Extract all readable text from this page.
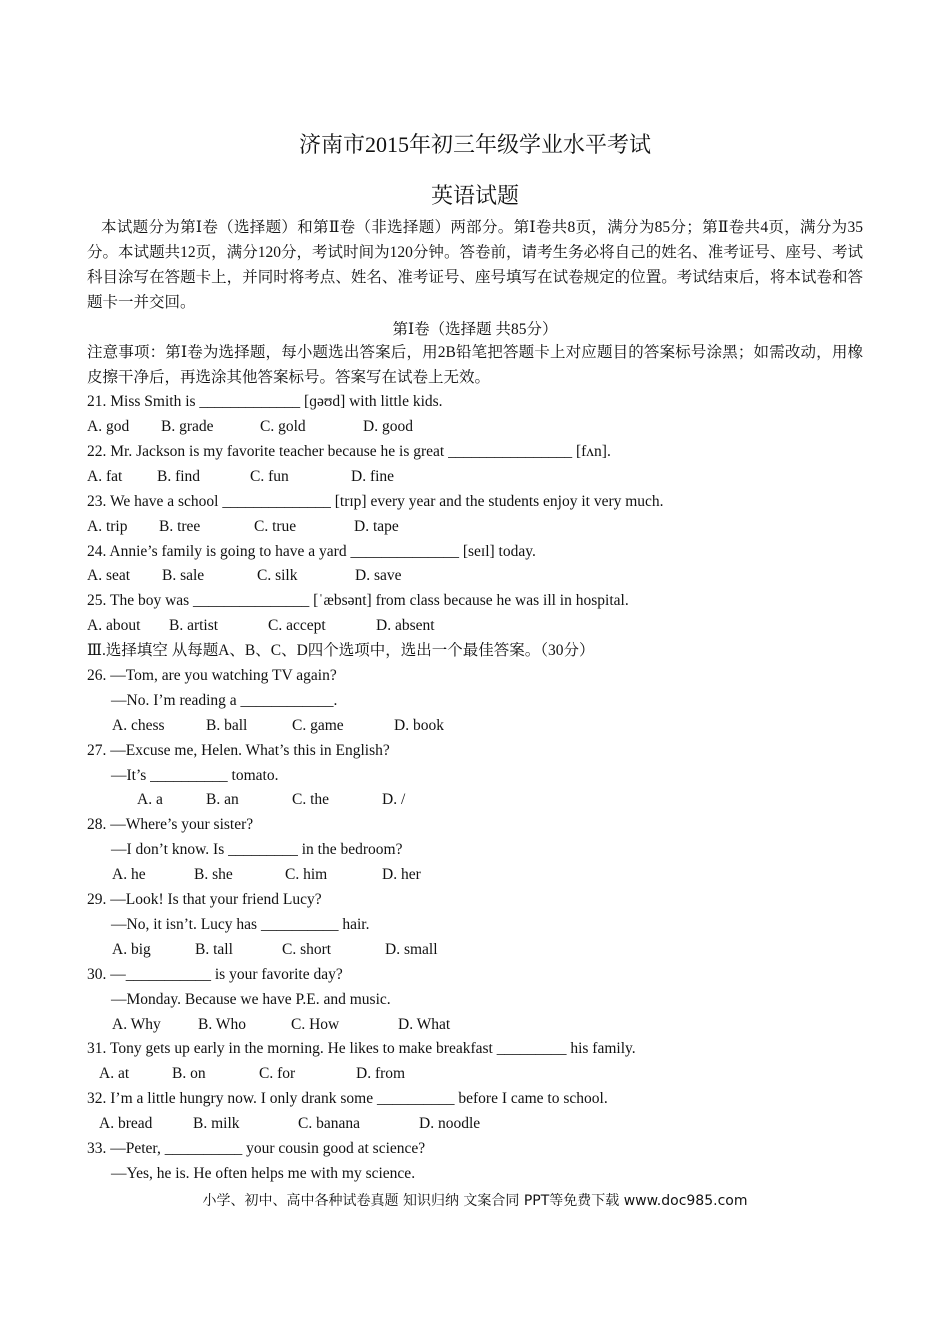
济南市2015年初三年级学业水平考试
英语试题

本试题分为第Ⅰ卷（选择题）和第Ⅱ卷（非选择题）两部分。第Ⅰ卷共8页，满分为85分；第Ⅱ卷共4页，满分为35分。本试题共12页，满分120分，考试时间为120分钟。答卷前，请考生务必将自己的姓名、准考证号、座号、考试科目涂写在答题卡上，并同时将考点、姓名、准考证号、座号填写在试卷规定的位置。考试结束后，将本试卷和答题卡一并交回。

第Ⅰ卷（选择题 共85分）

注意事项：第Ⅰ卷为选择题，每小题选出答案后，用2B铅笔把答题卡上对应题目的答案标号涂黑；如需改动，用橡皮擦干净后，再选涂其他答案标号。答案写在试卷上无效。

21. Miss Smith is _____________ [ɡəʊd] with little kids.
A. god B. grade	C. gold	D. good
22. Mr. Jackson is my favorite teacher because he is great ________________ [fʌn].
A. fat B. find	C. fun	D. fine
23. We have a school ______________ [trɪp] every year and the students enjoy it very much.
A. trip B. tree	C. true	D. tape
24. Annie’s family is going to have a yard ______________ [seɪl] today.
A. seat B. sale	C. silk	D. save
25. The boy was _______________ [ˈæbsənt] from class because he was ill in hospital.
A. about B. artist	C. accept	D. absent
Ⅲ.选择填空 从每题A、B、C、D四个选项中，选出一个最佳答案。（30分）
26. —Tom, are you watching TV again?
—No. I’m reading a ____________.
A. chess	B. ball	C. game	D. book
27. —Excuse me, Helen. What’s this in English?
—It’s __________ tomato.
A. a	B. an	C. the	D. /
28. —Where’s your sister?
—I don’t know. Is _________ in the bedroom?
A. he	B. she	C. him	D. her
29. —Look! Is that your friend Lucy?
—No, it isn’t. Lucy has __________ hair.
A. big	B. tall	C. short	D. small
30. —___________ is your favorite day?
—Monday. Because we have P.E. and music.
A. Why B. Who	C. How	D. What
31. Tony gets up early in the morning. He likes to make breakfast _________ his family.
A. at	B. on	C. for	D. from
32. I’m a little hungry now. I only drank some __________ before I came to school.
A. bread	B. milk	C. banana	D. noodle
33. —Peter, __________ your cousin good at science?
—Yes, he is. He often helps me with my science.
小学、初中、高中各种试卷真题 知识归纳 文案合同 PPT等免费下载 www.doc985.com
